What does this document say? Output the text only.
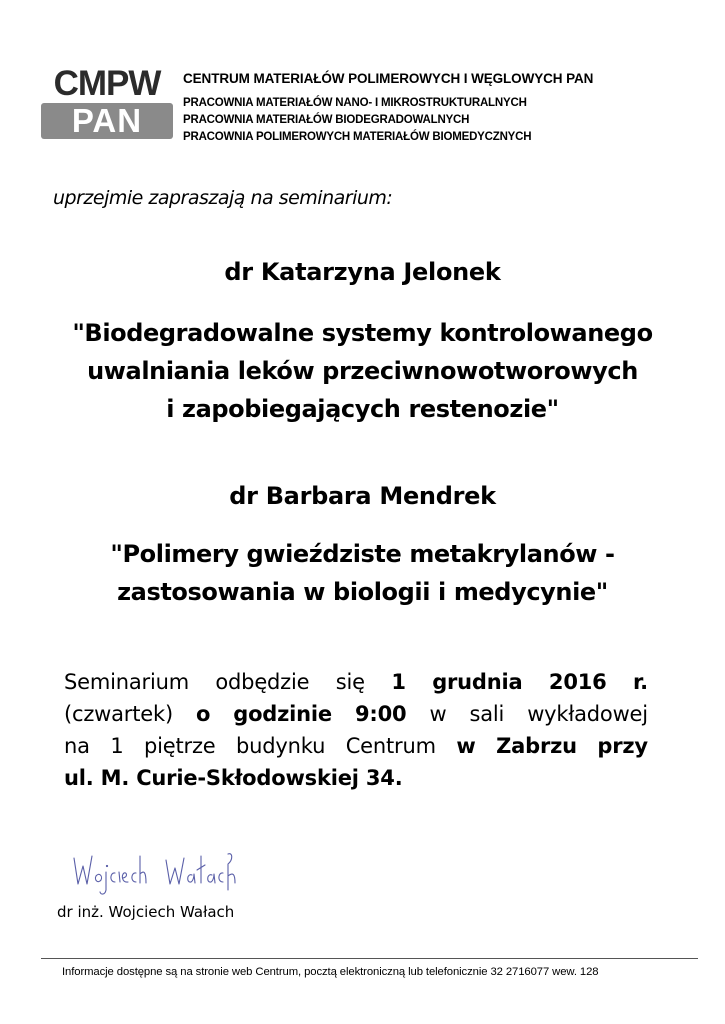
CMPW
PAN
CENTRUM MATERIAŁÓW POLIMEROWYCH I WĘGLOWYCH PAN
PRACOWNIA MATERIAŁÓW NANO- I MIKROSTRUKTURALNYCH
PRACOWNIA MATERIAŁÓW BIODEGRADOWALNYCH
PRACOWNIA POLIMEROWYCH MATERIAŁÓW BIOMEDYCZNYCH
uprzejmie zapraszają na seminarium:
dr Katarzyna Jelonek
"Biodegradowalne systemy kontrolowanego
uwalniania leków przeciwnowotworowych
i zapobiegających restenozie"
dr Barbara Mendrek
"Polimery gwieździste metakrylanów -
zastosowania w biologii i medycynie"
Seminarium odbędzie się 1 grudnia 2016 r.
(czwartek) o godzinie 9:00 w sali wykładowej
na 1 piętrze budynku Centrum w Zabrzu przy
ul. M. Curie-Skłodowskiej 34.
dr inż. Wojciech Wałach
Informacje dostępne są na stronie web Centrum, pocztą elektroniczną lub telefonicznie 32 2716077 wew. 128
